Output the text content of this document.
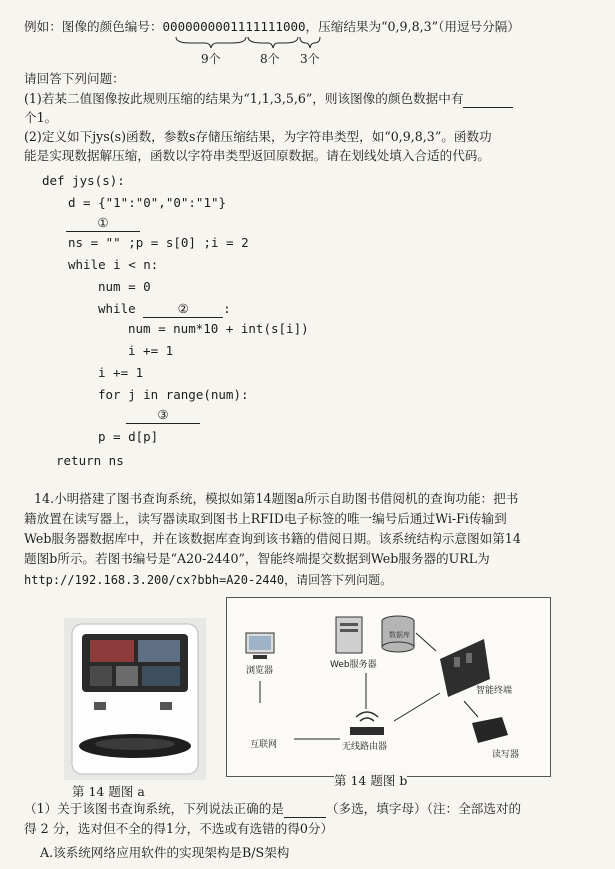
例如：图像的颜色编号：0000000001111111000，压缩结果为“0,9,8,3”（用逗号分隔）
9个	8个 3个
请回答下列问题：
(1)若某二值图像按此规则压缩的结果为“1,1,3,5,6”，则该图像的颜色数据中有
个1。
(2)定义如下jys(s)函数，参数s存储压缩结果，为字符串类型，如“0,9,8,3”。函数功
能是实现数据解压缩，函数以字符串类型返回原数据。请在划线处填入合适的代码。
def jys(s):
d = {"1":"0","0":"1"}
①
ns = "" ;p = s[0] ;i = 2
while i < n:
num = 0
while	②	:
num = num*10 + int(s[i])
i += 1
i += 1
for j in range(num):
③
p = d[p]
return ns
14.小明搭建了图书查询系统，模拟如第14题图a所示自助图书借阅机的查询功能：把书
籍放置在读写器上，读写器读取到图书上RFID电子标签的唯一编号后通过Wi-Fi传输到
Web服务器数据库中，并在该数据库查询到该书籍的借阅日期。该系统结构示意图如第14
题图b所示。若图书编号是“A20-2440”，智能终端提交数据到Web服务器的URL为
http://192.168.3.200/cx?bbh=A20-2440，请回答下列问题。
第 14 题图 a
浏览器
Web服务器
数据库
智能终端
无线路由器
互联网
读写器
第 14 题图 b
（1）关于该图书查询系统，下列说法正确的是	（多选，填字母）（注：全部选对的
得 2 分，选对但不全的得1分，不选或有选错的得0分）
A.该系统网络应用软件的实现架构是B/S架构
